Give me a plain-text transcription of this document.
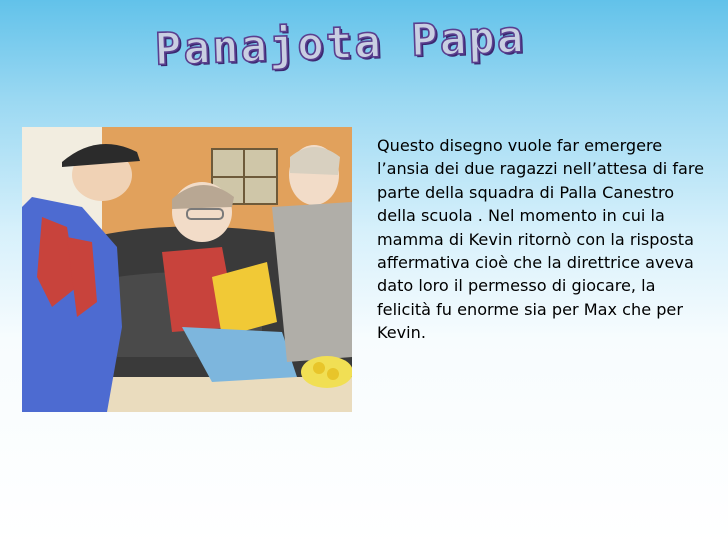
Panajota Papa
Questo disegno vuole far emergere l’ansia dei due ragazzi nell’attesa di fare parte della squadra di Palla Canestro della scuola . Nel momento in cui la mamma di Kevin ritornò con la risposta affermativa cioè che la direttrice aveva dato loro il permesso di giocare, la felicità fu enorme sia per Max che per Kevin.
